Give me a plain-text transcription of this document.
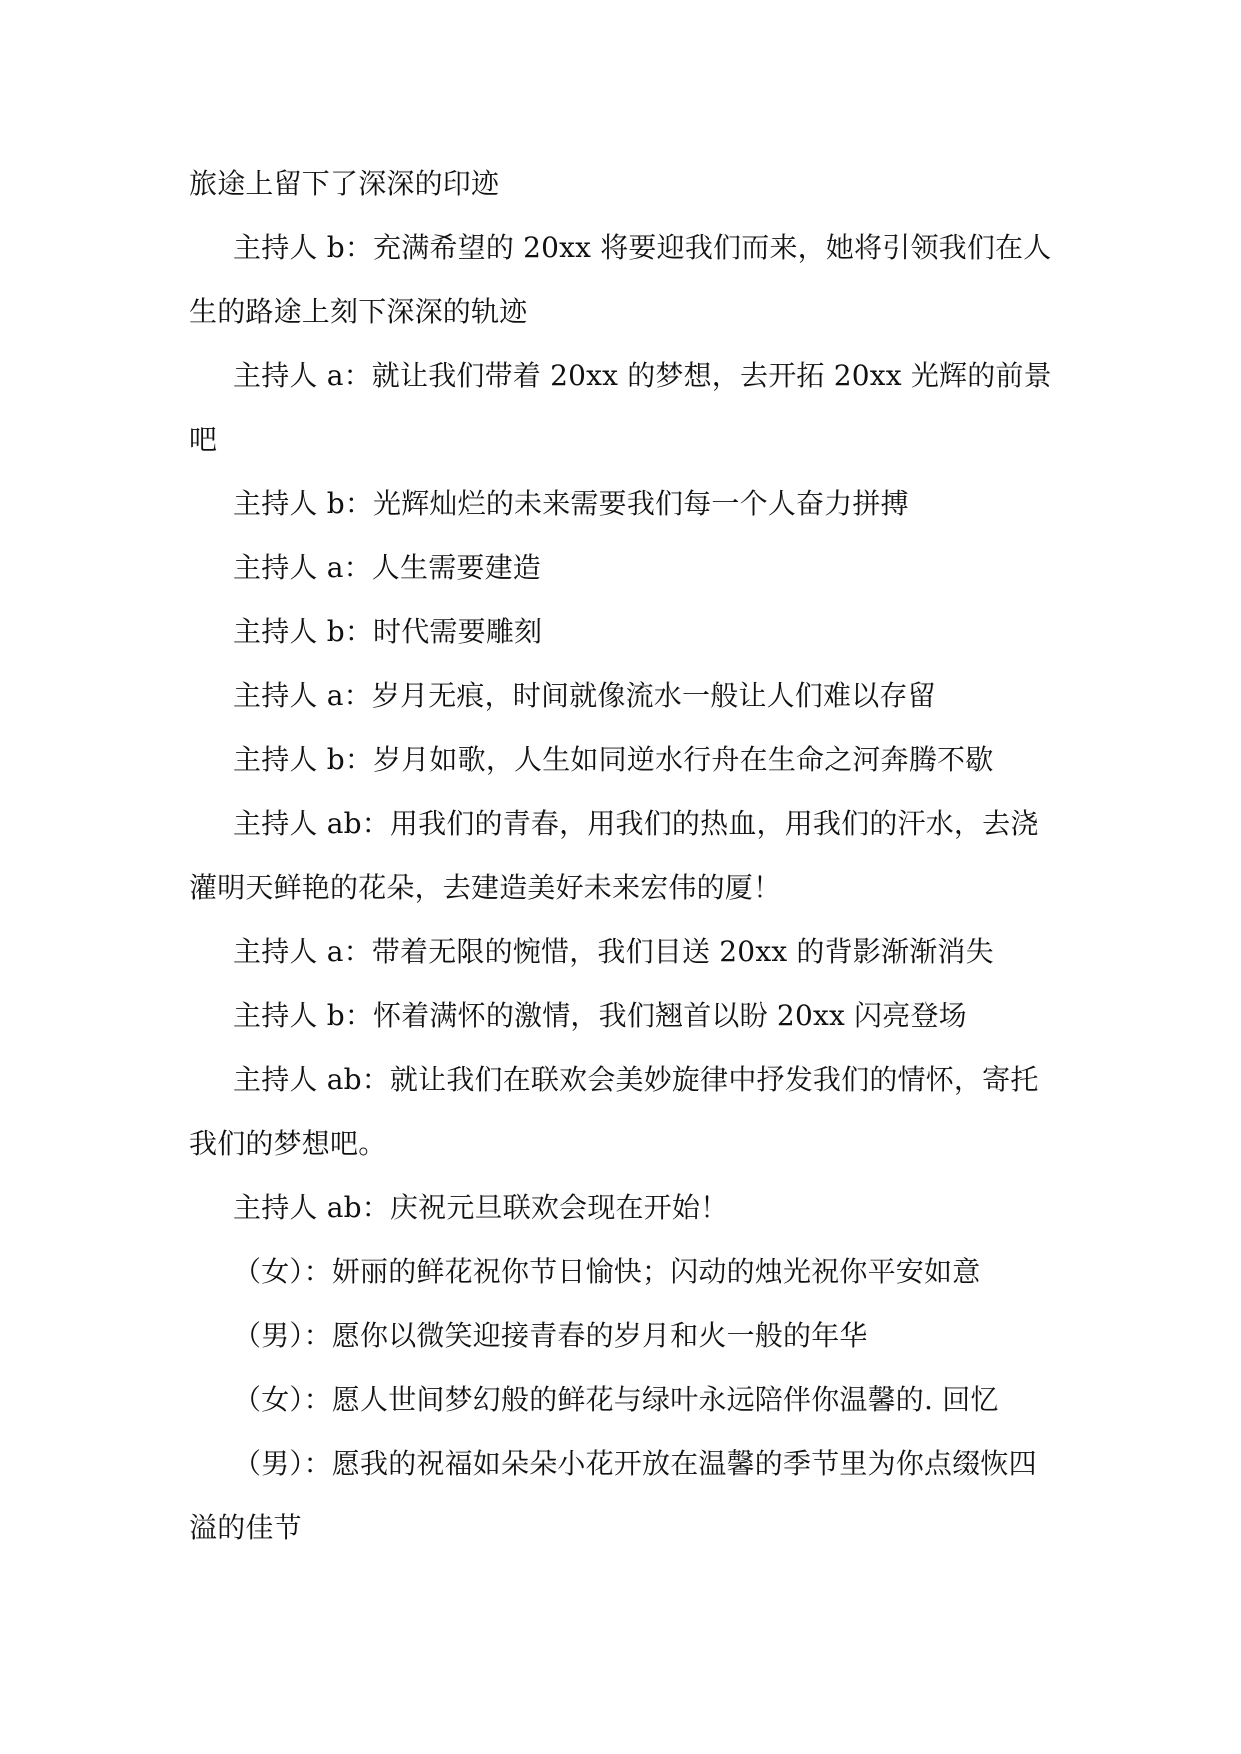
旅途上留下了深深的印迹

主持人 b：充满希望的 20xx 将要迎我们而来，她将引领我们在人生的路途上刻下深深的轨迹

主持人 a：就让我们带着 20xx 的梦想，去开拓 20xx 光辉的前景吧

主持人 b：光辉灿烂的未来需要我们每一个人奋力拼搏

主持人 a：人生需要建造

主持人 b：时代需要雕刻

主持人 a：岁月无痕，时间就像流水一般让人们难以存留

主持人 b：岁月如歌，人生如同逆水行舟在生命之河奔腾不歇

主持人 ab：用我们的青春，用我们的热血，用我们的汗水，去浇灌明天鲜艳的花朵，去建造美好未来宏伟的厦！

主持人 a：带着无限的惋惜，我们目送 20xx 的背影渐渐消失

主持人 b：怀着满怀的激情，我们翘首以盼 20xx 闪亮登场

主持人 ab：就让我们在联欢会美妙旋律中抒发我们的情怀，寄托我们的梦想吧。

主持人 ab：庆祝元旦联欢会现在开始！

（女）：妍丽的鲜花祝你节日愉快；闪动的烛光祝你平安如意

（男）：愿你以微笑迎接青春的岁月和火一般的年华

（女）：愿人世间梦幻般的鲜花与绿叶永远陪伴你温馨的. 回忆

（男）：愿我的祝福如朵朵小花开放在温馨的季节里为你点缀恢四溢的佳节
